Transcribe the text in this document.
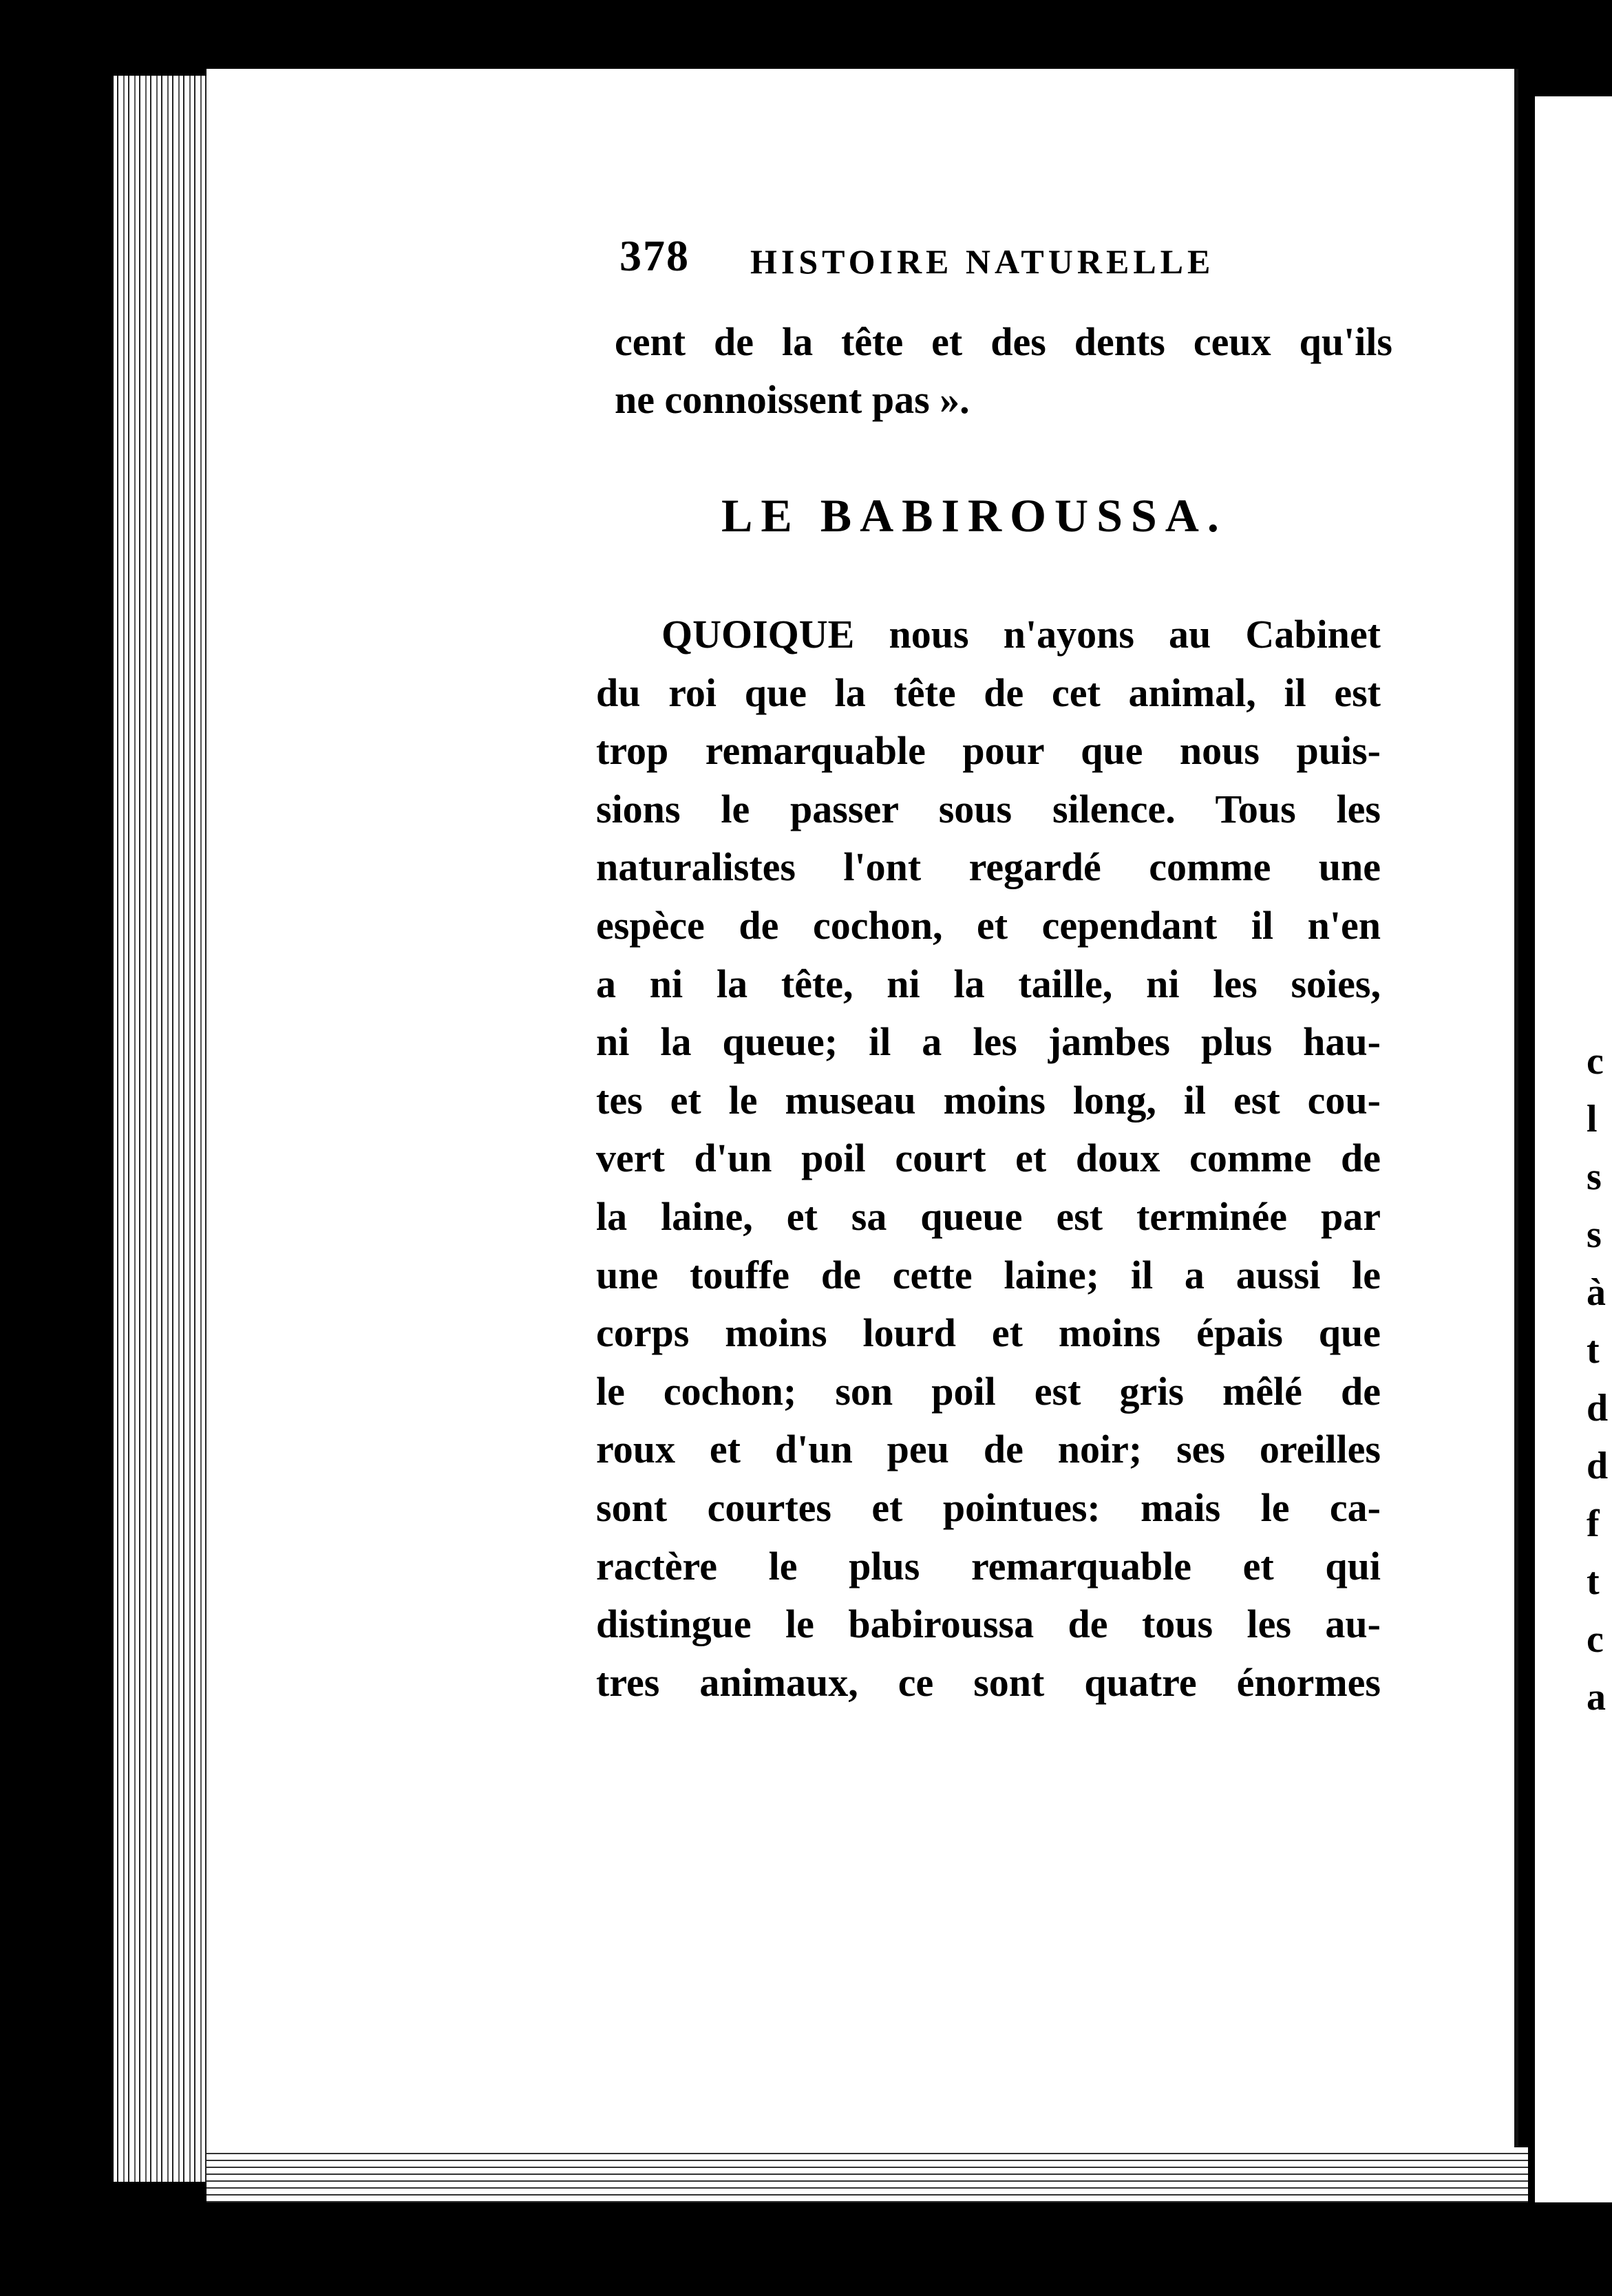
378 HISTOIRE NATURELLE
cent de la tête et des dents ceux qu'ils
ne connoissent pas ».
LE BABIROUSSA.
QUOIQUE nous n'ayons au Cabinet
du roi que la tête de cet animal, il est
trop remarquable pour que nous puis-
sions le passer sous silence. Tous les
naturalistes l'ont regardé comme une
espèce de cochon, et cependant il n'en
a ni la tête, ni la taille, ni les soies,
ni la queue; il a les jambes plus hau-
tes et le museau moins long, il est cou-
vert d'un poil court et doux comme de
la laine, et sa queue est terminée par
une touffe de cette laine; il a aussi le
corps moins lourd et moins épais que
le cochon; son poil est gris mêlé de
roux et d'un peu de noir; ses oreilles
sont courtes et pointues: mais le ca-
ractère le plus remarquable et qui
distingue le babiroussa de tous les au-
tres animaux, ce sont quatre énormes
c
l
s
s
à
t
d
d
f
t
c
a
